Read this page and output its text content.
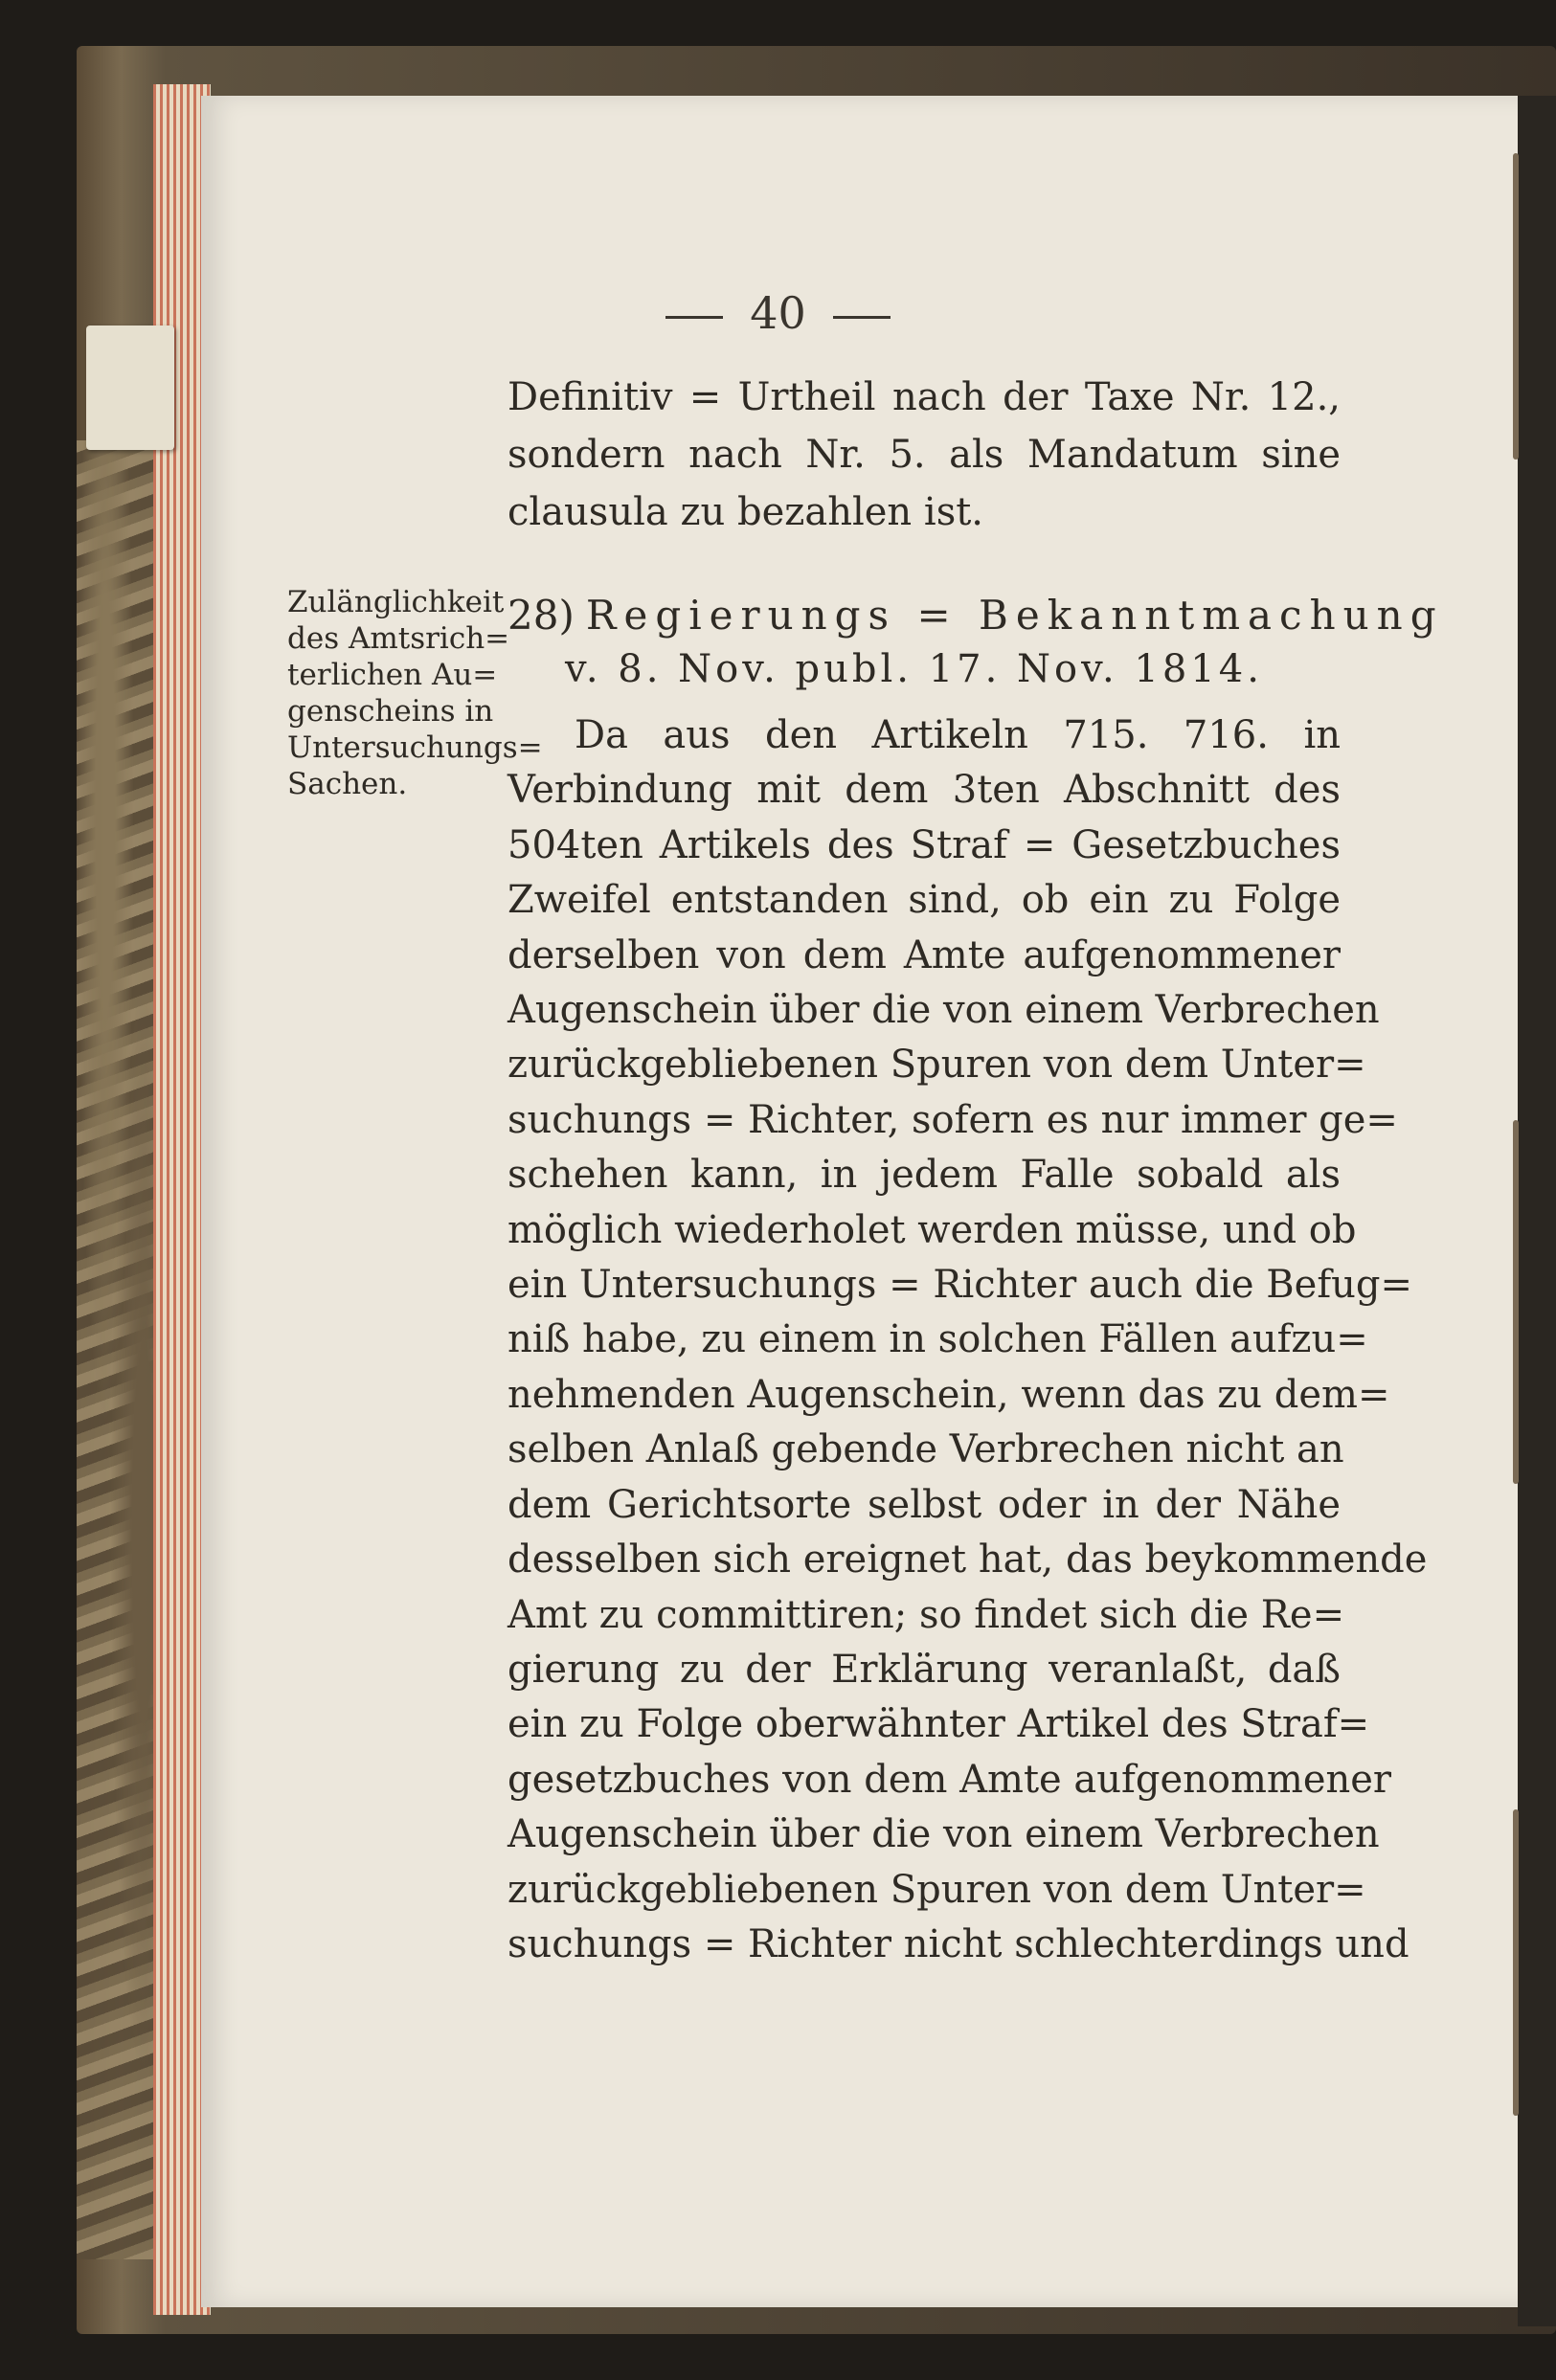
40

Definitiv = Urtheil nach der Taxe Nr. 12.,

sondern nach Nr. 5. als Mandatum sine

clausula zu bezahlen ist.

Zulänglichkeit
des Amtsrich=
terlichen Au=
genscheins in
Untersuchungs=
Sachen.
28) Regierungs = Bekanntmachung
v. 8. Nov. publ. 17. Nov. 1814.

Da aus den Artikeln 715. 716. in

Verbindung mit dem 3ten Abschnitt des

504ten Artikels des Straf = Gesetzbuches

Zweifel entstanden sind, ob ein zu Folge

derselben von dem Amte aufgenommener

Augenschein über die von einem Verbrechen

zurückgebliebenen Spuren von dem Unter=

suchungs = Richter, sofern es nur immer ge=

schehen kann, in jedem Falle sobald als

möglich wiederholet werden müsse, und ob

ein Untersuchungs = Richter auch die Befug=

niß habe, zu einem in solchen Fällen aufzu=

nehmenden Augenschein, wenn das zu dem=

selben Anlaß gebende Verbrechen nicht an

dem Gerichtsorte selbst oder in der Nähe

desselben sich ereignet hat, das beykommende

Amt zu committiren; so findet sich die Re=

gierung zu der Erklärung veranlaßt, daß

ein zu Folge oberwähnter Artikel des Straf=

gesetzbuches von dem Amte aufgenommener

Augenschein über die von einem Verbrechen

zurückgebliebenen Spuren von dem Unter=

suchungs = Richter nicht schlechterdings und
